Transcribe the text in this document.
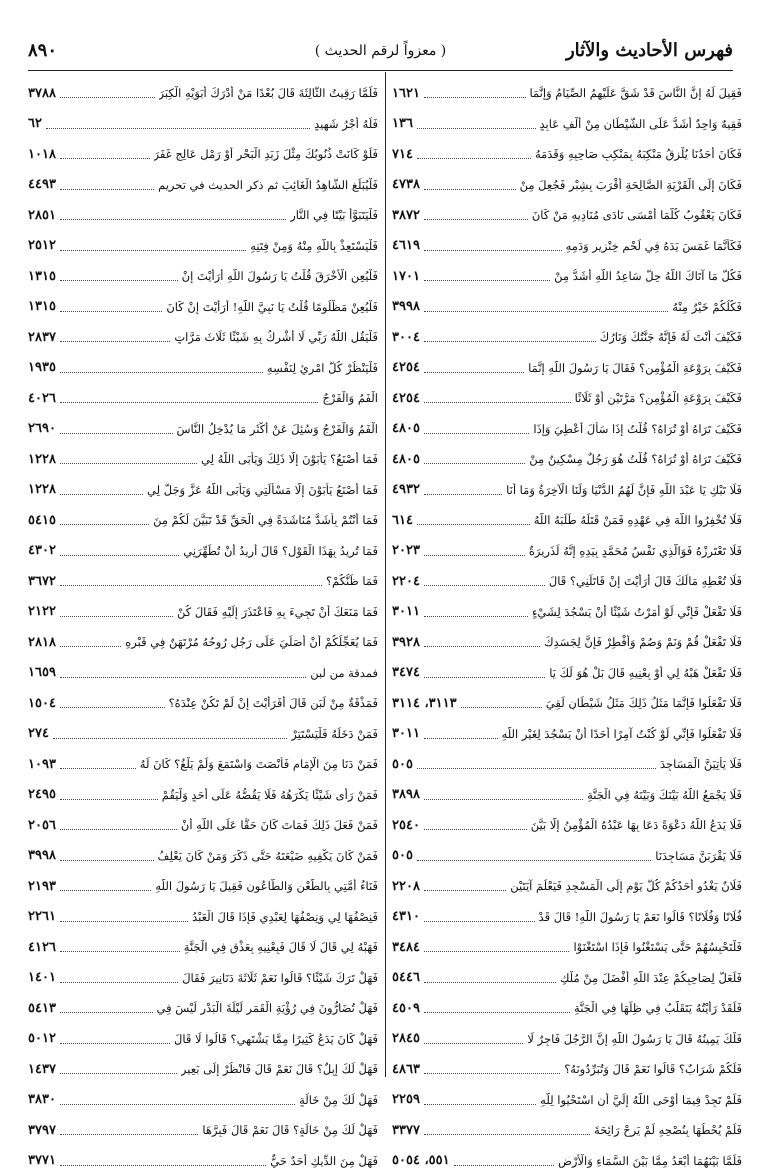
فهرس الأحاديث والآثار
( معزواً لرقم الحديث )
٨٩٠
فَقِيلَ لَهُ إِنَّ النَّاسَ قَدْ شَقَّ عَلَيْهِمُ الصِّيَامُ وَإِنَّمَا
١٦٢١
فَقِيهٌ وَاحِدٌ أَشَدُّ عَلَى الشَّيْطَانِ مِنْ أَلْفِ عَابِدٍ
١٣٦
فَكَانَ أَحَدُنَا يُلْزِقُ مَنْكِبَهُ بِمَنْكِبِ صَاحِبِهِ وَقَدَمَهُ
٧١٤
فَكَانَ إِلَى الْقَرْيَةِ الصَّالِحَةِ أَقْرَبَ بِشِبْرٍ فَجُعِلَ مِنْ
٤٧٣٨
فَكَانَ يَعْقُوبُ كُلَّمَا أَمْسَى نَادَى مُنَادِيهِ مَنْ كَانَ
٣٨٧٢
فَكَأَنَّمَا غَمَسَ يَدَهُ فِي لَحْمِ خِنْزِيرٍ وَدَمِهِ
٤٦١٩
فَكُلُّ مَا آتَاكَ اللَّهُ حِلٌّ سَاعِدُ اللَّهِ أَشَدُّ مِنْ
١٧٠١
فَكُلُكُمْ خَيْرٌ مِنْهُ
٣٩٩٨
فَكَيْفَ أَنْتَ لَهُ فَإِنَّهُ جَنَّتُكَ وَنَارُكَ
٣٠٠٤
فَكَيْفَ بِرَوْعَةِ الْمُؤْمِنِ؟ فَقَالَ يَا رَسُولَ اللَّهِ إِنَّمَا
٤٢٥٤
فَكَيْفَ بِرَوْعَةِ الْمُؤْمِنِ؟ مَرَّتَيْنِ أَوْ ثَلَاثًا
٤٢٥٤
فَكَيْفَ تَرَاهُ أَوْ تُرَاهُ؟ قُلْتُ إِذَا سَأَلَ أُعْطِيَ وَإِذَا
٤٨٠٥
فَكَيْفَ تَرَاهُ أَوْ تُرَاهُ؟ قُلْتُ هُوَ رَجُلٌ مِسْكِينٌ مِنْ
٤٨٠٥
فَلَا تَبْكِ يَا عَبْدَ اللَّهِ فَإِنَّ لَهُمُ الدُّنْيَا وَلَنَا الْآخِرَةُ وَمَا أَنَا
٤٩٣٢
فَلَا تُخْفِرُوا اللَّهَ فِي عَهْدِهِ فَمَنْ قَتَلَهُ طَلَبَهُ اللَّهُ
٦١٤
فَلَا تَعْتَرِزْهُ فَوَالَّذِي نَفْسُ مُحَمَّدٍ بِيَدِهِ إِنَّهُ لَذَرِيرَةٌ
٢٠٢٣
فَلَا تُعْطِهِ مَالَكَ قَالَ أَرَأَيْتَ إِنْ قَاتَلَنِي؟ قَالَ
٢٢٠٤
فَلَا تَفْعَلْ فَإِنِّي لَوْ أَمَرْتُ شَيْئًا أَنْ يَسْجُدَ لِشَيْءٍ
٣٠١١
فَلَا تَفْعَلْ قُمْ وَنَمْ وَصُمْ وَأَفْطِرْ فَإِنَّ لِجَسَدِكَ
٣٩٢٨
فَلَا تَفْعَلْ هَبْهُ لِي أَوْ بِعْنِيهِ قَالَ بَلْ هُوَ لَكَ يَا
٣٤٧٤
فَلَا تَفْعَلُوا فَإِنَّمَا مَثَلُ ذَلِكَ مَثَلُ شَيْطَانٍ لَقِيَ
٣١١٣، ٣١١٤
فَلَا تَفْعَلُوا فَإِنِّي لَوْ كُنْتُ آمِرًا أَحَدًا أَنْ يَسْجُدَ لِغَيْرِ اللَّهِ
٣٠١١
فَلَا يَأْتِيَنَّ الْمَسَاجِدَ
٥٠٥
فَلَا يَجْمَعُ اللَّهُ بَيْنَكَ وَبَيْنَهُ فِي الْجَنَّةِ
٣٨٩٨
فَلَا يَدَعُ اللَّهُ دَعْوَةً دَعَا بِهَا عَبْدُهُ الْمُؤْمِنُ إِلَّا بَيَّنَ
٢٥٤٠
فَلَا يَقْرَبَنَّ مَسَاجِدَنَا
٥٠٥
فَلَانٌ يَغْدُو أَحَدُكُمْ كُلَّ يَوْمٍ إِلَى الْمَسْجِدِ فَيَعْلَمَ آيَتَيْنِ
٢٢٠٨
فُلَانًا وَفُلَانًا؟ قَالُوا نَعَمْ يَا رَسُولَ اللَّهِ! قَالَ قَدْ
٤٣١٠
فَلْتَحْبِسُهُمْ حَتَّى يَسْتَغْنُوا فَإِذَا اسْتَغْنَوْا
٣٤٨٤
فَلَعَلَّ لِصَاحِبِكُمْ عِنْدَ اللَّهِ أَفْضَلَ مِنْ مُلْكِ
٥٤٤٦
فَلَقَدْ رَأَيْتُهُ يَتَقَلَّبُ فِي ظِلِّهَا فِي الْجَنَّةِ
٤٥٠٩
فَلْكَ يَمِينُهُ قَالَ يَا رَسُولَ اللَّهِ إِنَّ الرَّجُلَ فَاجِرٌ لَا
٢٨٤٥
فَلَكُمْ شَرَابٌ؟ قَالُوا نَعَمْ قَالَ وَتُبَرِّدُونَهُ؟
٤٨٦٣
فَلَمْ تَجِدْ فِيمَا أَوْحَى اللَّهُ إِلَيَّ أَنِ اسْتَحْيُوا لِلَّهِ
٢٢٥٩
فَلَمْ يُحْطُهَا بِنُصْحِهِ لَمْ يَرِحْ رَائِحَةَ
٣٣٧٧
فَلَمَّا بَيْنَهُمَا أَبْعَدُ مِمَّا بَيْنَ السَّمَاءِ وَالْأَرْضِ
٥٥١، ٥٠٥٤
فَلَمَّا رَقِيتُ الثَّالِثَةَ قَالَ بُعْدًا مَنْ أَدْرَكَ أَبَوَيْهِ الْكِبَرَ
٣٧٨٨
فَلَهُ أَجْرُ شَهِيدٍ
٦٢
فَلَوْ كَانَتْ ذُنُوبُكَ مِثْلَ زَبَدِ الْبَحْرِ أَوْ رَمْلِ عَالِجٍ غَفَرَ
١٠١٨
فَلْيُبَلِّغِ الشَّاهِدُ الْغَائِبَ ثم ذكر الحديث في تحريم
٤٤٩٣
فَلْيَتَبَوَّأْ بَيْتًا فِي النَّارِ
٢٨٥١
فَلْيَسْتَعِذْ بِاللَّهِ مِنْهُ وَمِنْ فِتَنِهِ
٢٥١٢
فَلْيُعِنِ الْأَخْرَقَ قُلْتُ يَا رَسُولَ اللَّهِ أَرَأَيْتَ إِنْ
١٣١٥
فَلْيُعِنْ مَظْلُومًا قُلْتُ يَا نَبِيَّ اللَّهِ! أَرَأَيْتَ إِنْ كَانَ
١٣١٥
فَلْيَقُلِ اللَّهُ رَبِّي لَا أُشْرِكُ بِهِ شَيْئًا ثَلَاثَ مَرَّاتٍ
٢٨٣٧
فَلْيَنْظُرْ كُلُّ امْرِئٍ لِنَفْسِهِ
١٩٣٥
الْفَمُ وَالْفَرْجُ
٤٠٢٦
الْفَمُ وَالْفَرْجُ وَسُئِلَ عَنْ أَكْثَرِ مَا يُدْخِلُ النَّاسَ
٢٦٩٠
فَمَا أَصْنَعُ؟ يَأْبَوْنَ إِلَّا ذَلِكَ وَيَأْبَى اللَّهُ لِي
١٢٢٨
فَمَا أَصْنَعُ يَأْبَوْنَ إِلَّا مَسْأَلَتِي وَيَأْبَى اللَّهُ عَزَّ وَجَلَّ لِي
١٢٢٨
فَمَا أَنْتُمْ بِأَشَدَّ مُنَاشَدَةً فِي الْحَقِّ قَدْ تَبَيَّنَ لَكُمْ مِنَ
٥٤١٥
فَمَا تُرِيدُ بِهَذَا الْقَوْلِ؟ قَالَ أُرِيدُ أَنْ تُطَهِّرَنِي
٤٣٠٢
فَمَا ظَنُّكُمْ؟
٣٦٧٢
فَمَا مَنَعَكَ أَنْ تَجِيءَ بِهِ فَاعْتَذَرَ إِلَيْهِ فَقَالَ كُنْ
٢١٢٢
فَمَا يُعَجِّلُكُمْ أَنْ أُصَلِّيَ عَلَى رَجُلٍ رُوحُهُ مُرْتَهَنٌ فِي قَبْرِهِ
٢٨١٨
فمدقة من لبن
١٦٥٩
فَمَذْقَةٌ مِنْ لَبَنٍ قَالَ أَفَرَأَيْتَ إِنْ لَمْ تَكُنْ عِنْدَهُ؟
١٥٠٤
فَمَنْ دَخَلَهُ فَلْيَسْتَتِرْ
٢٧٤
فَمَنْ دَنَا مِنَ الْإِمَامِ فَأَنْصَتَ وَاسْتَمَعَ وَلَمْ يَلْغُ؟ كَانَ لَهُ
١٠٩٣
فَمَنْ رَأَى شَيْئًا يَكْرَهُهُ فَلَا يَقُصُّهُ عَلَى أَحَدٍ وَلْيَقُمْ
٢٤٩٥
فَمَنْ فَعَلَ ذَلِكَ فَمَاتَ كَانَ حَقًّا عَلَى اللَّهِ أَنْ
٢٠٥٦
فَمَنْ كَانَ يَكْفِيهِ ضَيْعَتَهُ حَتَّى ذَكَرَ وَمَنْ كَانَ يَعْلِفُ
٣٩٩٨
فَنَاءُ أُمَّتِي بِالطَّعْنِ وَالطَّاعُونِ فَقِيلَ يَا رَسُولَ اللَّهِ
٢١٩٣
فَنِصْفُهَا لِي وَنِصْفُهَا لِعَبْدِي فَإِذَا قَالَ الْعَبْدُ
٢٢٦١
فَهَبْهُ لِي قَالَ لَا قَالَ فَبِعْنِيهِ بِعَذْقٍ فِي الْجَنَّةِ
٤١٢٦
فَهَلْ تَرَكَ شَيْئًا؟ قَالُوا نَعَمْ ثَلَاثَةَ دَنَانِيرَ فَقَالَ
١٤٠١
فَهَلْ تُضَارُّونَ فِي رُؤْيَةِ الْقَمَرِ لَيْلَةَ الْبَدْرِ لَيْسَ فِي
٥٤١٣
فَهَلْ كَانَ يَدَعُ كَثِيرًا مِمَّا يَشْتَهِي؟ قَالُوا لَا قَالَ
٥٠١٢
فَهَلْ لَكَ إِبِلٌ؟ قَالَ نَعَمْ قَالَ فَانْظُرْ إِلَى بَعِيرٍ
١٤٣٧
فَهَلْ لَكَ مِنْ خَالَةٍ
٣٨٣٠
فَهَلْ لَكَ مِنْ خَالَةٍ؟ قَالَ نَعَمْ قَالَ فَبِرَّهَا
٣٧٩٧
فَهَلْ مِنَ الدِّيكِ أَحَدٌ حَيٌّ
٣٧٧١
